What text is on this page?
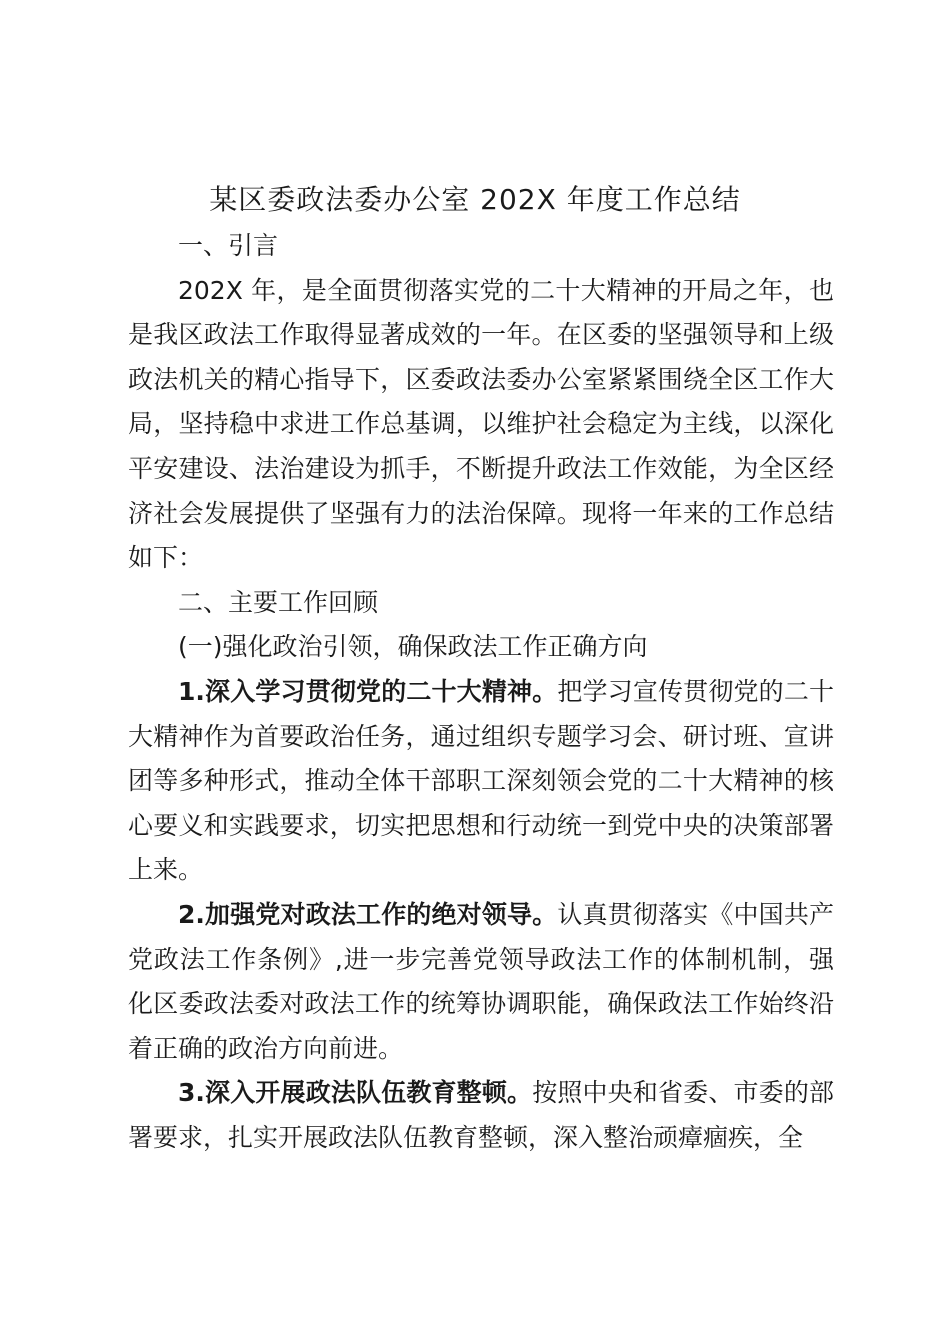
某区委政法委办公室 202X 年度工作总结

一、引言

202X 年，是全面贯彻落实党的二十大精神的开局之年，也是我区政法工作取得显著成效的一年。在区委的坚强领导和上级政法机关的精心指导下，区委政法委办公室紧紧围绕全区工作大局，坚持稳中求进工作总基调，以维护社会稳定为主线，以深化平安建设、法治建设为抓手，不断提升政法工作效能，为全区经济社会发展提供了坚强有力的法治保障。现将一年来的工作总结如下：

二、主要工作回顾

(一)强化政治引领，确保政法工作正确方向

1.深入学习贯彻党的二十大精神。把学习宣传贯彻党的二十大精神作为首要政治任务，通过组织专题学习会、研讨班、宣讲团等多种形式，推动全体干部职工深刻领会党的二十大精神的核心要义和实践要求，切实把思想和行动统一到党中央的决策部署上来。

2.加强党对政法工作的绝对领导。认真贯彻落实《中国共产党政法工作条例》,进一步完善党领导政法工作的体制机制，强化区委政法委对政法工作的统筹协调职能，确保政法工作始终沿着正确的政治方向前进。

3.深入开展政法队伍教育整顿。按照中央和省委、市委的部署要求，扎实开展政法队伍教育整顿，深入整治顽瘴痼疾，全
